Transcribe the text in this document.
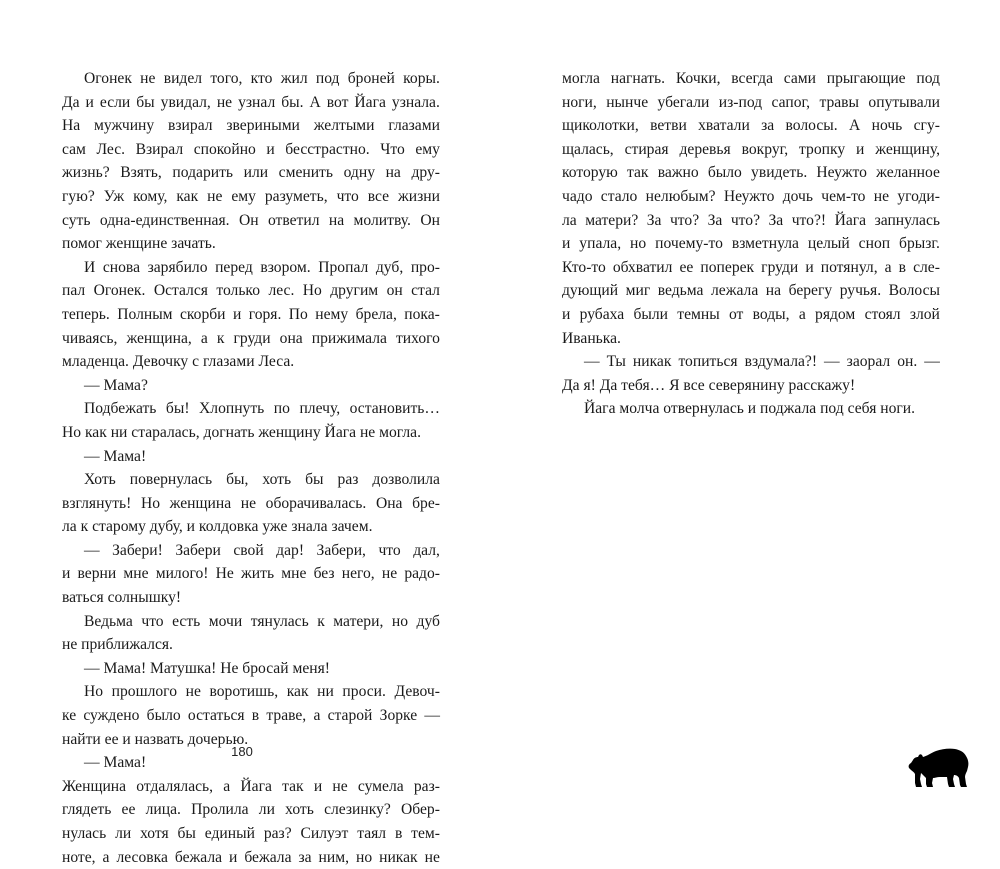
Огонек не видел того, кто жил под броней коры.
Да и если бы увидал, не узнал бы. А вот Йага узнала.
На мужчину взирал звериными желтыми глазами
сам Лес. Взирал спокойно и бесстрастно. Что ему
жизнь? Взять, подарить или сменить одну на дру-
гую? Уж кому, как не ему разуметь, что все жизни
суть одна-единственная. Он ответил на молитву. Он
помог женщине зачать.
И снова зарябило перед взором. Пропал дуб, про-
пал Огонек. Остался только лес. Но другим он стал
теперь. Полным скорби и горя. По нему брела, пока-
чиваясь, женщина, а к груди она прижимала тихого
младенца. Девочку с глазами Леса.
— Мама?
Подбежать бы! Хлопнуть по плечу, остановить…
Но как ни старалась, догнать женщину Йага не могла.
— Мама!
Хоть повернулась бы, хоть бы раз дозволила
взглянуть! Но женщина не оборачивалась. Она бре-
ла к старому дубу, и колдовка уже знала зачем.
— Забери! Забери свой дар! Забери, что дал,
и верни мне милого! Не жить мне без него, не радо-
ваться солнышку!
Ведьма что есть мочи тянулась к матери, но дуб
не приближался.
— Мама! Матушка! Не бросай меня!
Но прошлого не воротишь, как ни проси. Девоч-
ке суждено было остаться в траве, а старой Зорке —
найти ее и назвать дочерью.
— Мама!
Женщина отдалялась, а Йага так и не сумела раз-
глядеть ее лица. Пролила ли хоть слезинку? Обер-
нулась ли хотя бы единый раз? Силуэт таял в тем-
ноте, а лесовка бежала и бежала за ним, но никак не
могла нагнать. Кочки, всегда сами прыгающие под
ноги, нынче убегали из-под сапог, травы опутывали
щиколотки, ветви хватали за волосы. А ночь сгу-
щалась, стирая деревья вокруг, тропку и женщину,
которую так важно было увидеть. Неужто желанное
чадо стало нелюбым? Неужто дочь чем-то не угоди-
ла матери? За что? За что? За что?! Йага запнулась
и упала, но почему-то взметнула целый сноп брызг.
Кто-то обхватил ее поперек груди и потянул, а в сле-
дующий миг ведьма лежала на берегу ручья. Волосы
и рубаха были темны от воды, а рядом стоял злой
Иванька.
— Ты никак топиться вздумала?! — заорал он. —
Да я! Да тебя… Я все северянину расскажу!
Йага молча отвернулась и поджала под себя ноги.
180
